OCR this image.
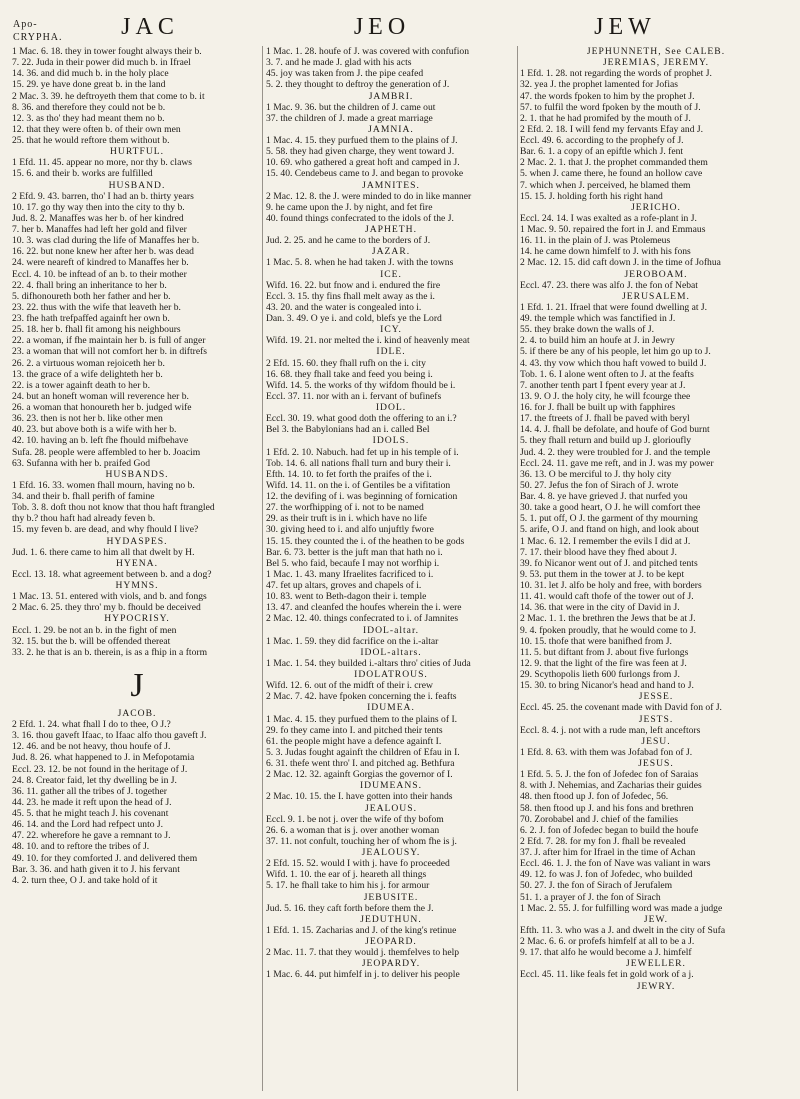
Apo-
CRYPHA.	JAC	JEO	JEW
1 Mac. 6. 18. they in tower fought always their b.
7. 22. Juda in their power did much b. in Ifrael
14. 36. and did much b. in the holy place
15. 29. ye have done great b. in the land
2 Mac. 3. 39. he deftroyeth them that come to b. it
8. 36. and therefore they could not be b.
12. 3. as tho' they had meant them no b.
12. that they were often b. of their own men
25. that he would reftore them without b.
HURTFUL.
1 Efd. 11. 45. appear no more, nor thy b. claws
15. 6. and their b. works are fulfilled
HUSBAND.
2 Efd. 9. 43. barren, tho' I had an b. thirty years
10. 17. go thy way then into the city to thy b.
Jud. 8. 2. Manaffes was her b. of her kindred
7. her b. Manaffes had left her gold and filver
10. 3. was clad during the life of Manaffes her b.
16. 22. but none knew her after her b. was dead
24. were neareft of kindred to Manaffes her b.
Eccl. 4. 10. be inftead of an b. to their mother
22. 4. fhall bring an inheritance to her b.
5. difhonoureth both her father and her b.
23. 22. thus with the wife that leaveth her b.
23. fhe hath trefpaffed againft her own b.
25. 18. her b. fhall fit among his neighbours
22. a woman, if fhe maintain her b. is full of anger
23. a woman that will not comfort her b. in diftrefs
26. 2. a virtuous woman rejoiceth her b.
13. the grace of a wife delighteth her b.
22. is a tower againft death to her b.
24. but an honeft woman will reverence her b.
26. a woman that honoureth her b. judged wife
36. 23. then is not her b. like other men
40. 23. but above both is a wife with her b.
42. 10. having an b. left fhe fhould mifbehave
Sufa. 28. people were affembled to her b. Joacim
63. Sufanna with her b. praifed God
HUSBANDS.
1 Efd. 16. 33. women fhall mourn, having no b.
34. and their b. fhall perifh of famine
Tob. 3. 8. doft thou not know that thou haft ftrangled
thy b.? thou haft had already feven b.
15. my feven b. are dead, and why fhould I live?
HYDASPES.
Jud. 1. 6. there came to him all that dwelt by H.
HYENA.
Eccl. 13. 18. what agreement between b. and a dog?
HYMNS.
1 Mac. 13. 51. entered with viols, and b. and fongs
2 Mac. 6. 25. they thro' my b. fhould be deceived
HYPOCRISY.
Eccl. 1. 29. be not an b. in the fight of men
32. 15. but the b. will be offended thereat
33. 2. he that is an b. therein, is as a fhip in a ftorm
J
JACOB.
2 Efd. 1. 24. what fhall I do to thee, O J.?
3. 16. thou gaveft Ifaac, to Ifaac alfo thou gaveft J.
12. 46. and be not heavy, thou houfe of J.
Jud. 8. 26. what happened to J. in Mefopotamia
Eccl. 23. 12. be not found in the heritage of J.
24. 8. Creator faid, let thy dwelling be in J.
36. 11. gather all the tribes of J. together
44. 23. he made it reft upon the head of J.
45. 5. that he might teach J. his covenant
46. 14. and the Lord had refpect unto J.
47. 22. wherefore he gave a remnant to J.
48. 10. and to reftore the tribes of J.
49. 10. for they comforted J. and delivered them
Bar. 3. 36. and hath given it to J. his fervant
4. 2. turn thee, O J. and take hold of it
1 Mac. 1. 28. houfe of J. was covered with confufion
3. 7. and he made J. glad with his acts
45. joy was taken from J. the pipe ceafed
5. 2. they thought to deftroy the generation of J.
JAMBRI.
1 Mac. 9. 36. but the children of J. came out
37. the children of J. made a great marriage
JAMNIA.
1 Mac. 4. 15. they purfued them to the plains of J.
5. 58. they had given charge, they went toward J.
10. 69. who gathered a great hoft and camped in J.
15. 40. Cendebeus came to J. and began to provoke
JAMNITES.
2 Mac. 12. 8. the J. were minded to do in like manner
9. he came upon the J. by night, and fet fire
40. found things confecrated to the idols of the J.
JAPHETH.
Jud. 2. 25. and he came to the borders of J.
JAZAR.
1 Mac. 5. 8. when he had taken J. with the towns
ICE.
Wifd. 16. 22. but fnow and i. endured the fire
Eccl. 3. 15. thy fins fhall melt away as the i.
43. 20. and the water is congealed into i.
Dan. 3. 49. O ye i. and cold, blefs ye the Lord
ICY.
Wifd. 19. 21. nor melted the i. kind of heavenly meat
IDLE.
2 Efd. 15. 60. they fhall rufh on the i. city
16. 68. they fhall take and feed you being i.
Wifd. 14. 5. the works of thy wifdom fhould be i.
Eccl. 37. 11. nor with an i. fervant of bufinefs
IDOL.
Eccl. 30. 19. what good doth the offering to an i.?
Bel 3. the Babylonians had an i. called Bel
IDOLS.
1 Efd. 2. 10. Nabuch. had fet up in his temple of i.
Tob. 14. 6. all nations fhall turn and bury their i.
Efth. 14. 10. to fet forth the praifes of the i.
Wifd. 14. 11. on the i. of Gentiles be a vifitation
12. the devifing of i. was beginning of fornication
27. the worfhipping of i. not to be named
29. as their truft is in i. which have no life
30. giving heed to i. and alfo unjuftly fwore
15. 15. they counted the i. of the heathen to be gods
Bar. 6. 73. better is the juft man that hath no i.
Bel 5. who faid, becaufe I may not worfhip i.
1 Mac. 1. 43. many Ifraelites facrificed to i.
47. fet up altars, groves and chapels of i.
10. 83. went to Beth-dagon their i. temple
13. 47. and cleanfed the houfes wherein the i. were
2 Mac. 12. 40. things confecrated to i. of Jamnites
IDOL-altar.
1 Mac. 1. 59. they did facrifice on the i.-altar
IDOL-altars.
1 Mac. 1. 54. they builded i.-altars thro' cities of Juda
IDOLATROUS.
Wifd. 12. 6. out of the midft of their i. crew
2 Mac. 7. 42. have fpoken concerning the i. feafts
IDUMEA.
1 Mac. 4. 15. they purfued them to the plains of I.
29. fo they came into I. and pitched their tents
61. the people might have a defence againft I.
5. 3. Judas fought againft the children of Efau in I.
6. 31. thefe went thro' I. and pitched ag. Bethfura
2 Mac. 12. 32. againft Gorgias the governor of I.
IDUMEANS.
2 Mac. 10. 15. the I. have gotten into their hands
JEALOUS.
Eccl. 9. 1. be not j. over the wife of thy bofom
26. 6. a woman that is j. over another woman
37. 11. not confult, touching her of whom fhe is j.
JEALOUSY.
2 Efd. 15. 52. would I with j. have fo proceeded
Wifd. 1. 10. the ear of j. heareth all things
5. 17. he fhall take to him his j. for armour
JEBUSITE.
Jud. 5. 16. they caft forth before them the J.
JEDUTHUN.
1 Efd. 1. 15. Zacharias and J. of the king's retinue
JEOPARD.
2 Mac. 11. 7. that they would j. themfelves to help
JEOPARDY.
1 Mac. 6. 44. put himfelf in j. to deliver his people
JEPHUNNETH, See CALEB.
JEREMIAS, JEREMY.
1 Efd. 1. 28. not regarding the words of prophet J.
32. yea J. the prophet lamented for Jofias
47. the words fpoken to him by the prophet J.
57. to fulfil the word fpoken by the mouth of J.
2. 1. that he had promifed by the mouth of J.
2 Efd. 2. 18. I will fend my fervants Efay and J.
Eccl. 49. 6. according to the prophefy of J.
Bar. 6. 1. a copy of an epiftle which J. fent
2 Mac. 2. 1. that J. the prophet commanded them
5. when J. came there, he found an hollow cave
7. which when J. perceived, he blamed them
15. 15. J. holding forth his right hand
JERICHO.
Eccl. 24. 14. I was exalted as a rofe-plant in J.
1 Mac. 9. 50. repaired the fort in J. and Emmaus
16. 11. in the plain of J. was Ptolemeus
14. he came down himfelf to J. with his fons
2 Mac. 12. 15. did caft down J. in the time of Jofhua
JEROBOAM.
Eccl. 47. 23. there was alfo J. the fon of Nebat
JERUSALEM.
1 Efd. 1. 21. Ifrael that were found dwelling at J.
49. the temple which was fanctified in J.
55. they brake down the walls of J.
2. 4. to build him an houfe at J. in Jewry
5. if there be any of his people, let him go up to J.
4. 43. thy vow which thou haft vowed to build J.
Tob. 1. 6. I alone went often to J. at the feafts
7. another tenth part I fpent every year at J.
13. 9. O J. the holy city, he will fcourge thee
16. for J. fhall be built up with fapphires
17. the ftreets of J. fhall be paved with beryl
14. 4. J. fhall be defolate, and houfe of God burnt
5. they fhall return and build up J. glorioufly
Jud. 4. 2. they were troubled for J. and the temple
Eccl. 24. 11. gave me reft, and in J. was my power
36. 13. O be merciful to J. thy holy city
50. 27. Jefus the fon of Sirach of J. wrote
Bar. 4. 8. ye have grieved J. that nurfed you
30. take a good heart, O J. he will comfort thee
5. 1. put off, O J. the garment of thy mourning
5. arife, O J. and ftand on high, and look about
1 Mac. 6. 12. I remember the evils I did at J.
7. 17. their blood have they fhed about J.
39. fo Nicanor went out of J. and pitched tents
9. 53. put them in the tower at J. to be kept
10. 31. let J. alfo be holy and free, with borders
11. 41. would caft thofe of the tower out of J.
14. 36. that were in the city of David in J.
2 Mac. 1. 1. the brethren the Jews that be at J.
9. 4. fpoken proudly, that he would come to J.
10. 15. thofe that were banifhed from J.
11. 5. but diftant from J. about five furlongs
12. 9. that the light of the fire was feen at J.
29. Scythopolis lieth 600 furlongs from J.
15. 30. to bring Nicanor's head and hand to J.
JESSE.
Eccl. 45. 25. the covenant made with David fon of J.
JESTS.
Eccl. 8. 4. j. not with a rude man, left anceftors
JESU.
1 Efd. 8. 63. with them was Jofabad fon of J.
JESUS.
1 Efd. 5. 5. J. the fon of Jofedec fon of Saraias
8. with J. Nehemias, and Zacharias their guides
48. then ftood up J. fon of Jofedec, 56.
58. then ftood up J. and his fons and brethren
70. Zorobabel and J. chief of the families
6. 2. J. fon of Jofedec began to build the houfe
2 Efd. 7. 28. for my fon J. fhall be revealed
37. J. after him for Ifrael in the time of Achan
Eccl. 46. 1. J. the fon of Nave was valiant in wars
49. 12. fo was J. fon of Jofedec, who builded
50. 27. J. the fon of Sirach of Jerufalem
51. 1. a prayer of J. the fon of Sirach
1 Mac. 2. 55. J. for fulfilling word was made a judge
JEW.
Efth. 11. 3. who was a J. and dwelt in the city of Sufa
2 Mac. 6. 6. or profefs himfelf at all to be a J.
9. 17. that alfo he would become a J. himfelf
JEWELLER.
Eccl. 45. 11. like feals fet in gold work of a j.
JEWRY.
